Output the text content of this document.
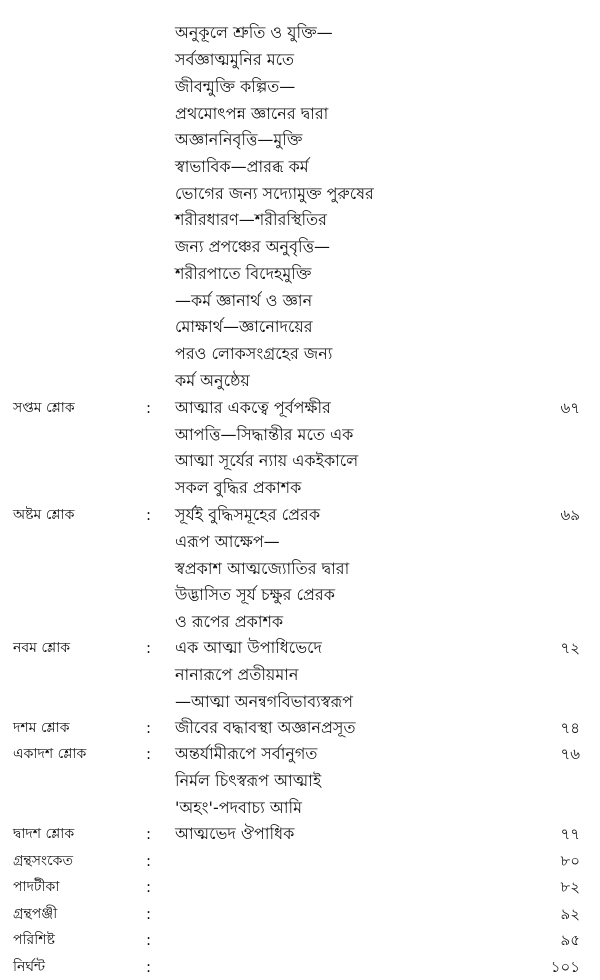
অনুকূলে শ্রুতি ও যুক্তি—
সর্বজ্ঞাত্মমুনির মতে
জীবন্মুক্তি কল্পিত—
প্রথমোৎপন্ন জ্ঞানের দ্বারা
অজ্ঞাননিবৃত্তি—মুক্তি
স্বাভাবিক—প্রারব্ধ কর্ম
ভোগের জন্য সদ্যোমুক্ত পুরুষের
শরীরধারণ—শরীরস্থিতির
জন্য প্রপঞ্চের অনুবৃত্তি—
শরীরপাতে বিদেহমুক্তি
—কর্ম জ্ঞানার্থ ও জ্ঞান
মোক্ষার্থ—জ্ঞানোদয়ের
পরও লোকসংগ্রহের জন্য
কর্ম অনুষ্ঠেয়
সপ্তম শ্লোক	: আত্মার একত্বে পূর্বপক্ষীর	৬৭
আপত্তি—সিদ্ধান্তীর মতে এক
আত্মা সূর্যের ন্যায় একইকালে
সকল বুদ্ধির প্রকাশক
অষ্টম শ্লোক	: সূর্যই বুদ্ধিসমূহের প্রেরক	৬৯
এরূপ আক্ষেপ—
স্বপ্রকাশ আত্মজ্যোতির দ্বারা
উদ্ভাসিত সূর্য চক্ষুর প্রেরক
ও রূপের প্রকাশক
নবম শ্লোক	: এক আত্মা উপাধিভেদে	৭২
নানারূপে প্রতীয়মান
—আত্মা অনন্বগবিভাব্যস্বরূপ
দশম শ্লোক	: জীবের বদ্ধাবস্থা অজ্ঞানপ্রসূত	৭৪
একাদশ শ্লোক	: অন্তর্যামীরূপে সর্বানুগত	৭৬
নির্মল চিৎস্বরূপ আত্মাই
'অহং'-পদবাচ্য আমি
দ্বাদশ শ্লোক	: আত্মভেদ ঔপাধিক	৭৭
গ্রন্থসংকেত	:	৮০
পাদটীকা	:	৮২
গ্রন্থপঞ্জী	:	৯২
পরিশিষ্ট	:	৯৫
নির্ঘন্ট	:	১০১
